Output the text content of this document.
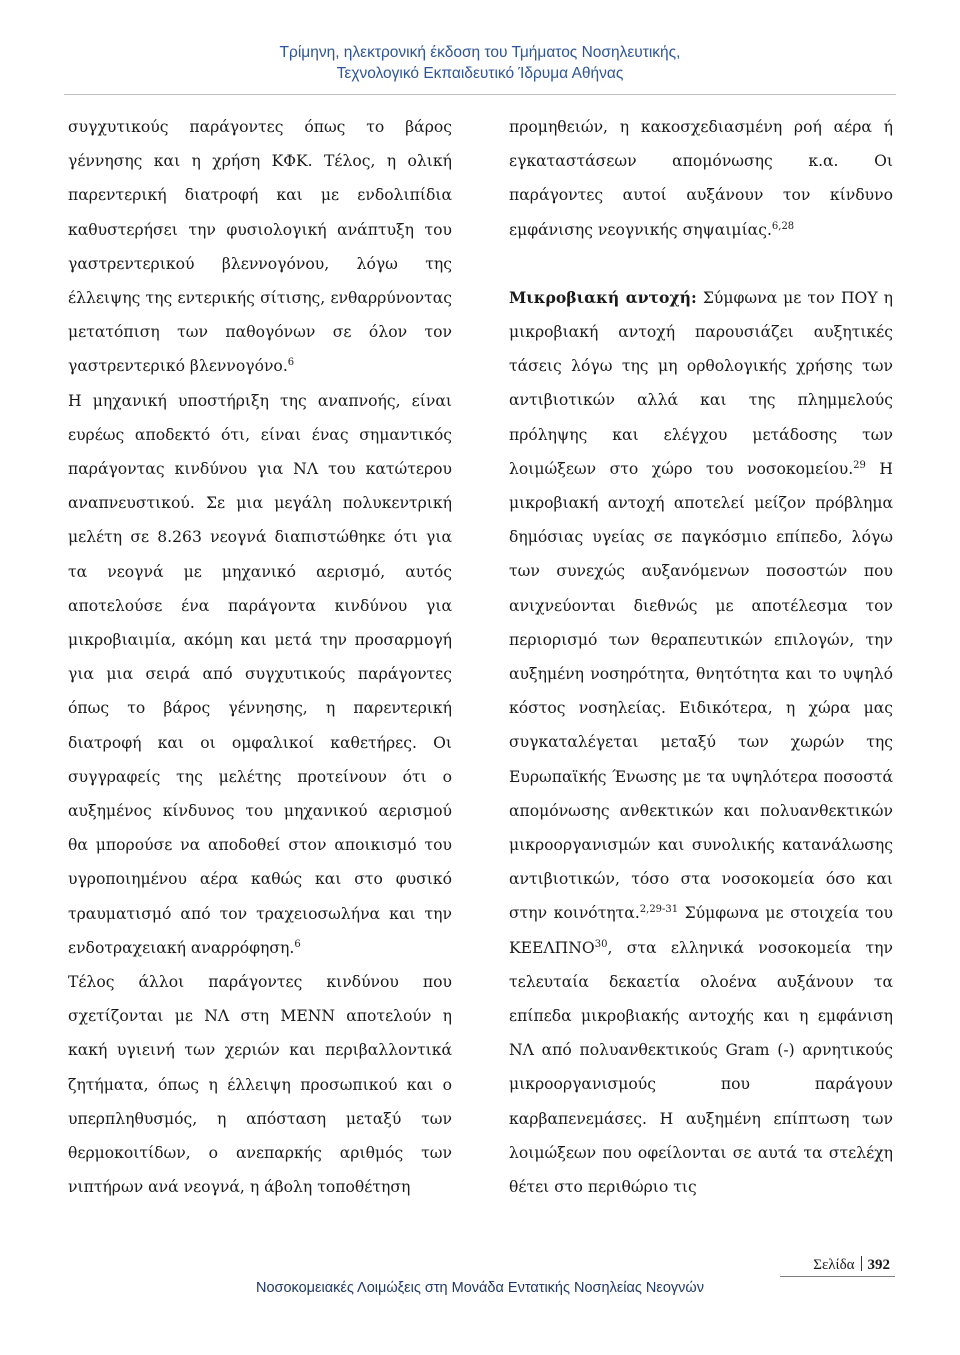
Τρίμηνη, ηλεκτρονική έκδοση του Τμήματος Νοσηλευτικής,
Τεχνολογικό Εκπαιδευτικό Ίδρυμα Αθήνας

συγχυτικούς παράγοντες όπως το βάρος γέννησης και η χρήση ΚΦΚ. Τέλος, η ολική παρεντερική διατροφή και με ενδολιπίδια καθυστερήσει την φυσιολογική ανάπτυξη του γαστρεντερικού βλεννογόνου, λόγω της έλλειψης της εντερικής σίτισης, ενθαρρύνοντας μετατόπιση των παθογόνων σε όλον τον γαστρεντερικό βλεννογόνο.$^6$

Η μηχανική υποστήριξη της αναπνοής, είναι ευρέως αποδεκτό ότι, είναι ένας σημαντικός παράγοντας κινδύνου για ΝΛ του κατώτερου αναπνευστικού. Σε μια μεγάλη πολυκεντρική μελέτη σε 8.263 νεογνά διαπιστώθηκε ότι για τα νεογνά με μηχανικό αερισμό, αυτός αποτελούσε ένα παράγοντα κινδύνου για μικροβιαιμία, ακόμη και μετά την προσαρμογή για μια σειρά από συγχυτικούς παράγοντες όπως το βάρος γέννησης, η παρεντερική διατροφή και οι ομφαλικοί καθετήρες. Οι συγγραφείς της μελέτης προτείνουν ότι ο αυξημένος κίνδυνος του μηχανικού αερισμού θα μπορούσε να αποδοθεί στον αποικισμό του υγροποιημένου αέρα καθώς και στο φυσικό τραυματισμό από τον τραχειοσωλήνα και την ενδοτραχειακή αναρρόφηση.$^6$

Τέλος άλλοι παράγοντες κινδύνου που σχετίζονται με ΝΛ στη ΜΕΝΝ αποτελούν η κακή υγιεινή των χεριών και περιβαλλοντικά ζητήματα, όπως η έλλειψη προσωπικού και ο υπερπληθυσμός, η απόσταση μεταξύ των θερμοκοιτίδων, ο ανεπαρκής αριθμός των νιπτήρων ανά νεογνά, η άβολη τοποθέτηση

προμηθειών, η κακοσχεδιασμένη ροή αέρα ή εγκαταστάσεων απομόνωσης κ.α. Οι παράγοντες αυτοί αυξάνουν τον κίνδυνο εμφάνισης νεογνικής σηψαιμίας.$^{6,28}$

Μικροβιακή αντοχή: Σύμφωνα με τον ΠΟΥ η μικροβιακή αντοχή παρουσιάζει αυξητικές τάσεις λόγω της μη ορθολογικής χρήσης των αντιβιοτικών αλλά και της πλημμελούς πρόληψης και ελέγχου μετάδοσης των λοιμώξεων στο χώρο του νοσοκομείου.$^{29}$ Η μικροβιακή αντοχή αποτελεί μείζον πρόβλημα δημόσιας υγείας σε παγκόσμιο επίπεδο, λόγω των συνεχώς αυξανόμενων ποσοστών που ανιχνεύονται διεθνώς με αποτέλεσμα τον περιορισμό των θεραπευτικών επιλογών, την αυξημένη νοσηρότητα, θνητότητα και το υψηλό κόστος νοσηλείας. Ειδικότερα, η χώρα μας συγκαταλέγεται μεταξύ των χωρών της Ευρωπαϊκής Ένωσης με τα υψηλότερα ποσοστά απομόνωσης ανθεκτικών και πολυανθεκτικών μικροοργανισμών και συνολικής κατανάλωσης αντιβιοτικών, τόσο στα νοσοκομεία όσο και στην κοινότητα.$^{2,29-31}$ Σύμφωνα με στοιχεία του ΚΕΕΛΠΝΟ$^{30}$, στα ελληνικά νοσοκομεία την τελευταία δεκαετία ολοένα αυξάνουν τα επίπεδα μικροβιακής αντοχής και η εμφάνιση ΝΛ από πολυανθεκτικούς Gram (-) αρνητικούς μικροοργανισμούς που παράγουν καρβαπενεμάσες. Η αυξημένη επίπτωση των λοιμώξεων που οφείλονται σε αυτά τα στελέχη θέτει στο περιθώριο τις

Σελίδα 392
Νοσοκομειακές Λοιμώξεις στη Μονάδα Εντατικής Νοσηλείας Νεογνών
